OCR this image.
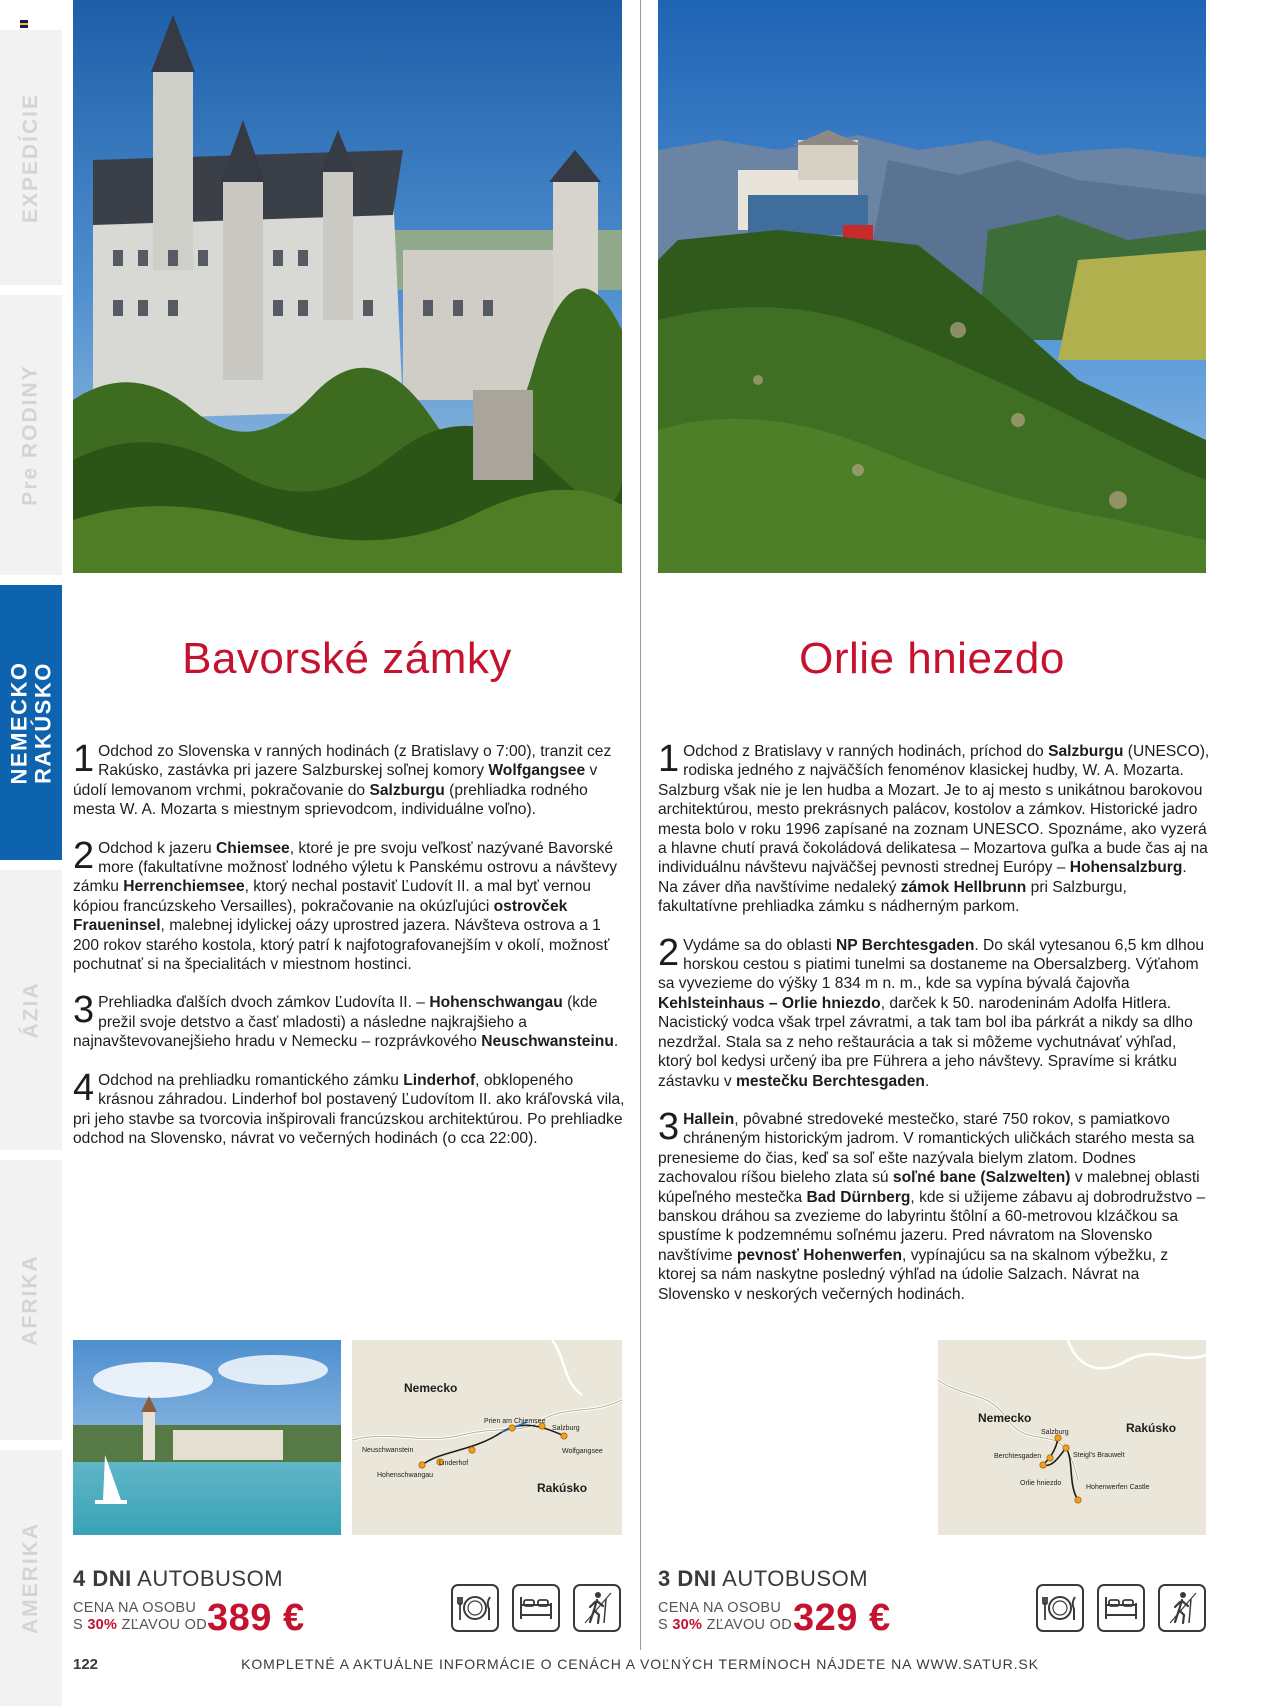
EXPEDÍCIE
Pre RODINY
NEMECKO RAKÚSKO
ÁZIA
AFRIKA
AMERIKA
Bavorské zámky	Orlie hniezdo

1 Odchod zo Slovenska v ranných hodinách (z Bratislavy o 7:00), tranzit cez Rakúsko, zastávka pri jazere Salzburskej soľnej komory Wolfgangsee v údolí lemovanom vrchmi, pokračovanie do Salzburgu (prehliadka rodného mesta W. A. Mozarta s miestnym sprievodcom, individuálne voľno).

2 Odchod k jazeru Chiemsee, ktoré je pre svoju veľkosť nazývané Bavorské more (fakultatívne možnosť lodného výletu k Panskému ostrovu a návštevy zámku Herrenchiemsee, ktorý nechal postaviť Ľudovít II. a mal byť vernou kópiou francúzskeho Versailles), pokračovanie na okúzľujúci ostrovček Fraueninsel, malebnej idylickej oázy uprostred jazera. Návšteva ostrova a 1 200 rokov starého kostola, ktorý patrí k najfotografovanejším v okolí, možnosť pochutnať si na špecialitách v miestnom hostinci.

3 Prehliadka ďalších dvoch zámkov Ľudovíta II. – Hohenschwangau (kde prežil svoje detstvo a časť mladosti) a následne najkrajšieho a najnavštevovanejšieho hradu v Nemecku – rozprávkového Neuschwansteinu.

4 Odchod na prehliadku romantického zámku Linderhof, obklopeného krásnou záhradou. Linderhof bol postavený Ľudovítom II. ako kráľovská vila, pri jeho stavbe sa tvorcovia inšpirovali francúzskou architektúrou. Po prehliadke odchod na Slovensko, návrat vo večerných hodinách (o cca 22:00).

1 Odchod z Bratislavy v ranných hodinách, príchod do Salzburgu (UNESCO), rodiska jedného z najväčších fenoménov klasickej hudby, W. A. Mozarta. Salzburg však nie je len hudba a Mozart. Je to aj mesto s unikátnou barokovou architektúrou, mesto prekrásnych palácov, kostolov a zámkov. Historické jadro mesta bolo v roku 1996 zapísané na zoznam UNESCO. Spoznáme, ako vyzerá a hlavne chutí pravá čokoládová delikatesa – Mozartova guľka a bude čas aj na individuálnu návštevu najväčšej pevnosti strednej Európy – Hohensalzburg. Na záver dňa navštívime nedaleký zámok Hellbrunn pri Salzburgu, fakultatívne prehliadka zámku s nádherným parkom.

2 Vydáme sa do oblasti NP Berchtesgaden. Do skál vytesanou 6,5 km dlhou horskou cestou s piatimi tunelmi sa dostaneme na Obersalzberg. Výťahom sa vyvezieme do výšky 1 834 m n. m., kde sa vypína bývalá čajovňa Kehlsteinhaus – Orlie hniezdo, darček k 50. narodeninám Adolfa Hitlera. Nacistický vodca však trpel závratmi, a tak tam bol iba párkrát a nikdy sa dlho nezdržal. Stala sa z neho reštaurácia a tak si môžeme vychutnávať výhľad, ktorý bol kedysi určený iba pre Führera a jeho návštevy. Spravíme si krátku zástavku v mestečku Berchtesgaden.

3 Hallein, pôvabné stredoveké mestečko, staré 750 rokov, s pamiatkovo chráneným historickým jadrom. V romantických uličkách starého mesta sa prenesieme do čias, keď sa soľ ešte nazývala bielym zlatom. Dodnes zachovalou ríšou bieleho zlata sú soľné bane (Salzwelten) v malebnej oblasti kúpeľného mestečka Bad Dürnberg, kde si užijeme zábavu aj dobrodružstvo – banskou dráhou sa zvezieme do labyrintu štôlní a 60-metrovou klzáčkou sa spustíme k podzemnému soľnému jazeru. Pred návratom na Slovensko navštívime pevnosť Hohenwerfen, vypínajúcu sa na skalnom výbežku, z ktorej sa nám naskytne posledný výhľad na údolie Salzach. Návrat na Slovensko v neskorých večerných hodinách.

Nemecko
Rakúsko
Prien am Chiemsee
Salzburg
Wolfgangsee
Neuschwanstein
Linderhof
Hohenschwangau
Nemecko
Rakúsko
Salzburg
Berchtesgaden	Steigl's Brauwelt
Orlie hniezdo
Hohenwerfen Castle
4 DNI AUTOBUSOM
CENA NA OSOBU
S 30% ZĽAVOU OD 389 €
3 DNI AUTOBUSOM
CENA NA OSOBU
S 30% ZĽAVOU OD 329 €
122	KOMPLETNÉ A AKTUÁLNE INFORMÁCIE O CENÁCH A VOĽNÝCH TERMÍNOCH NÁJDETE NA WWW.SATUR.SK
